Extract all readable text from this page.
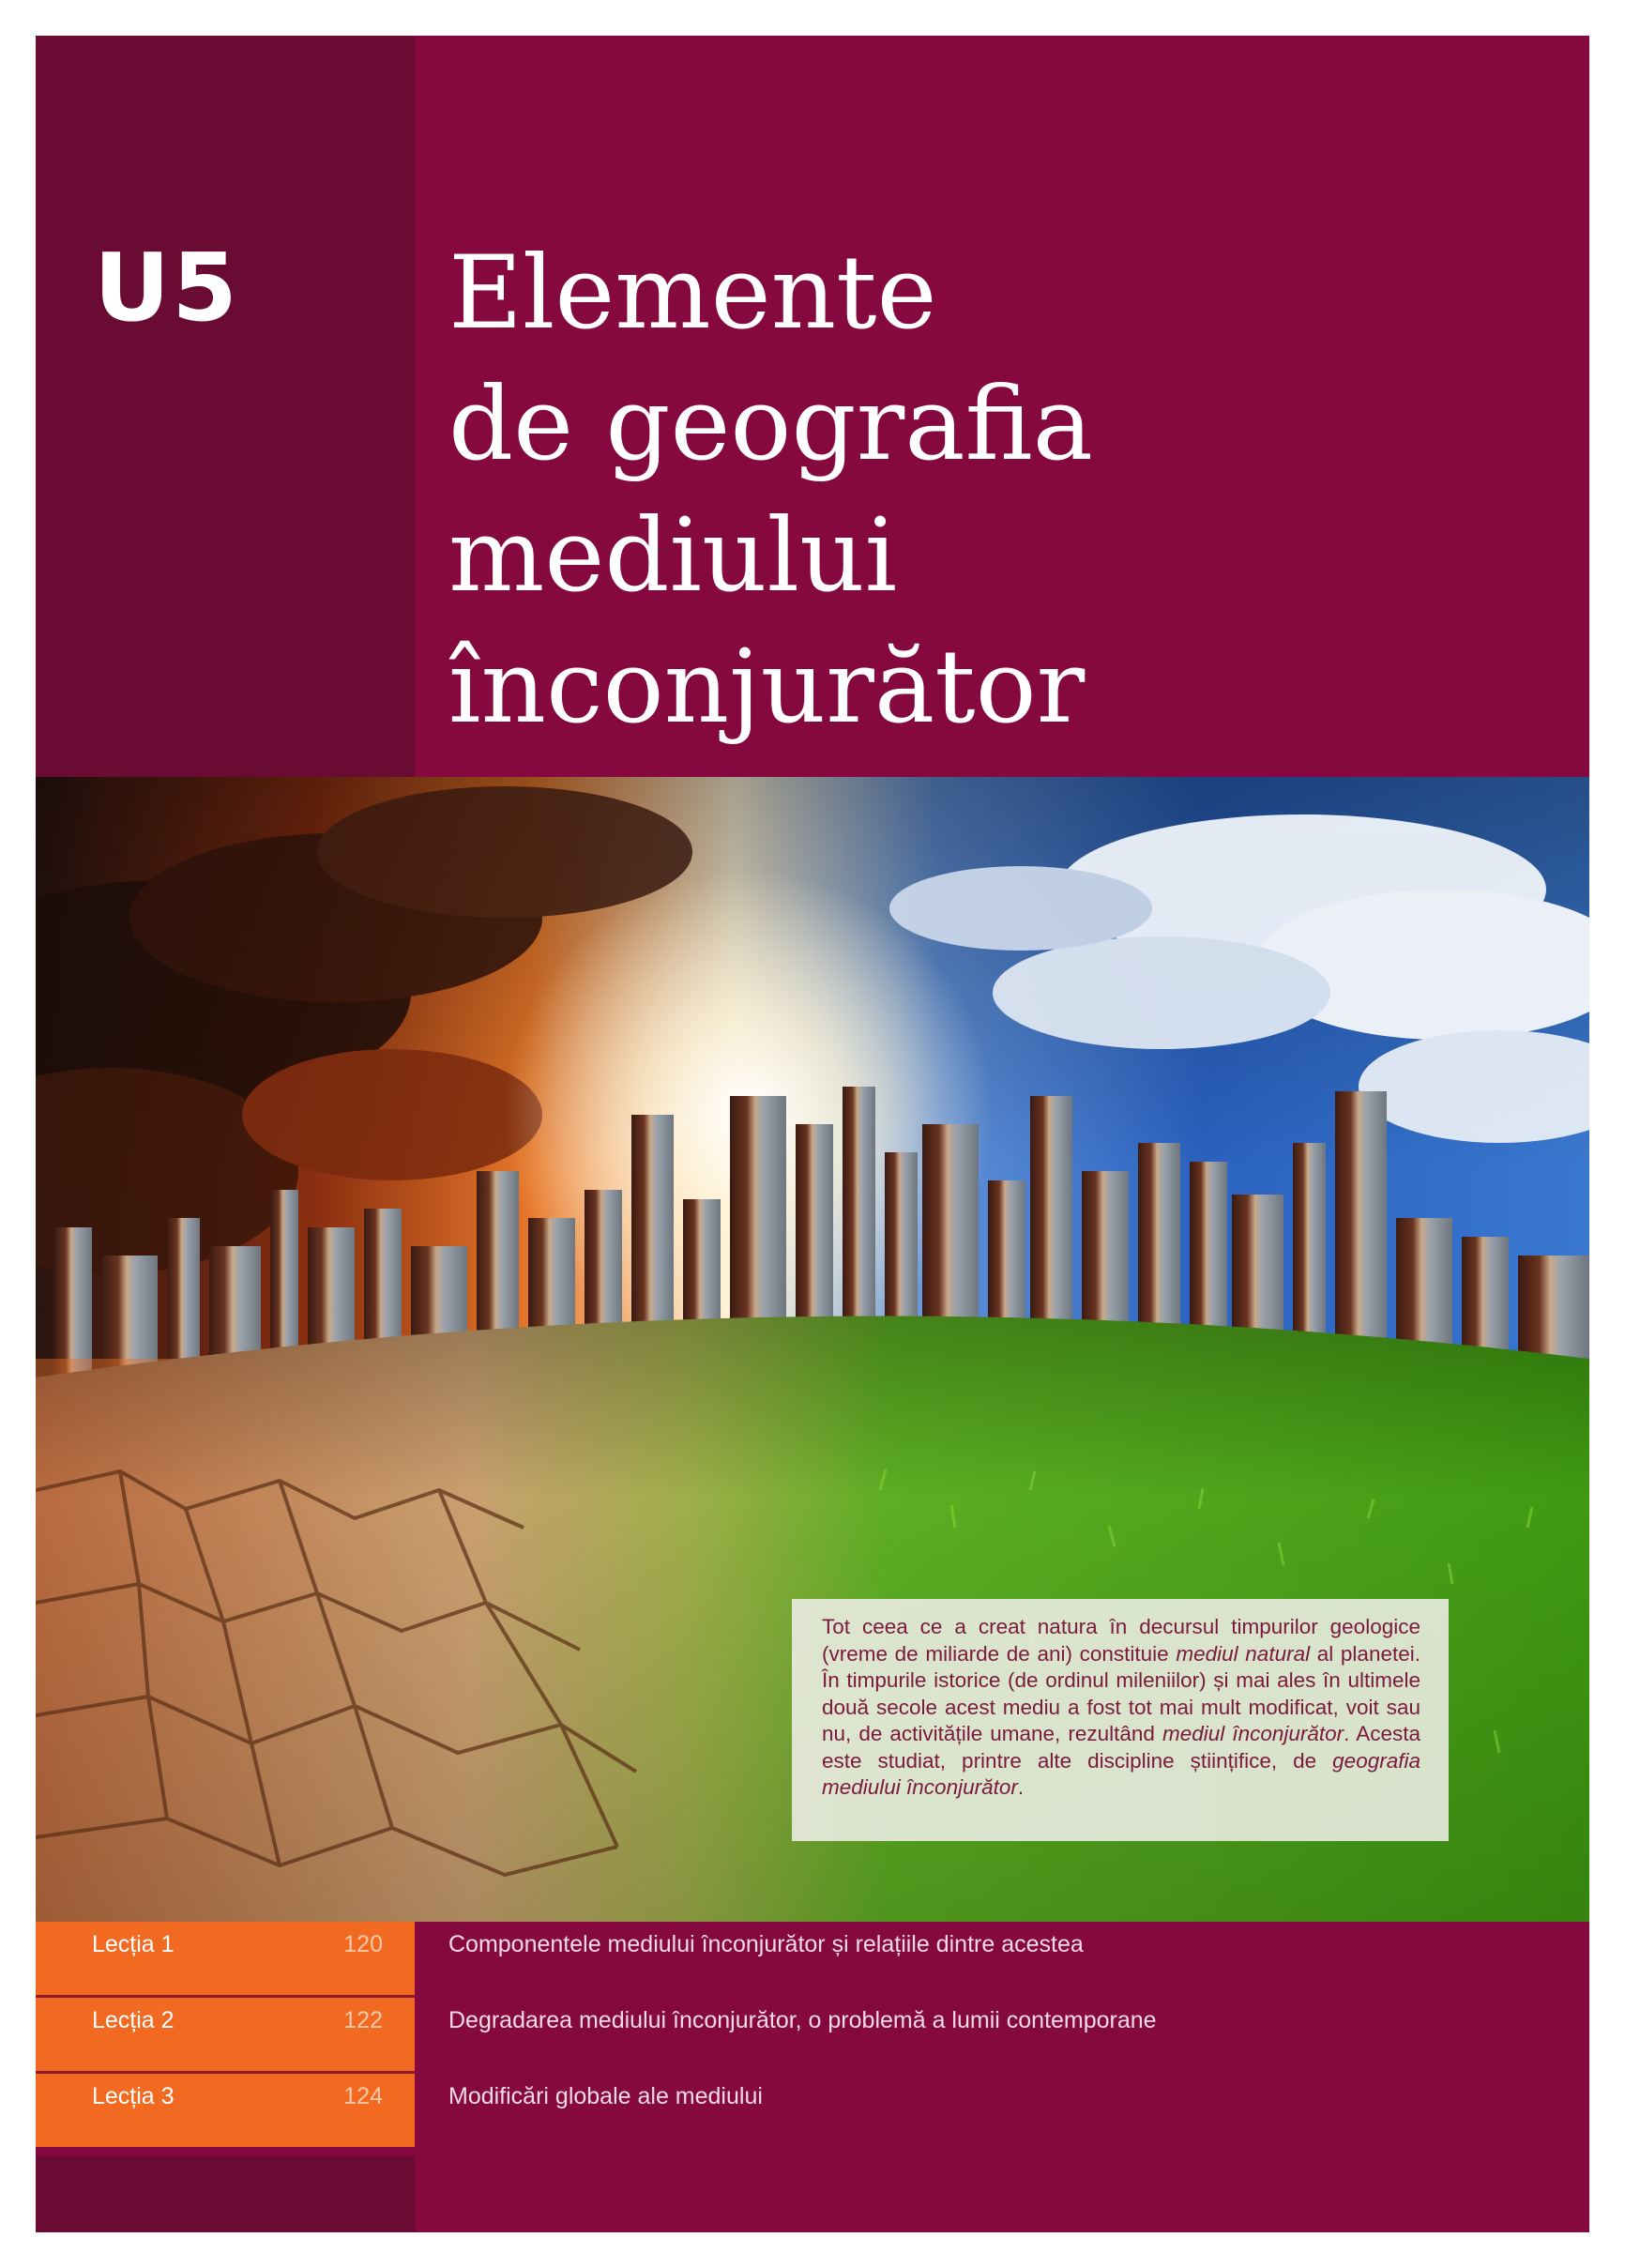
U5 Elemente
de geografia
mediului
înconjurător
Tot ceea ce a creat natura în decursul timpurilor geologice (vreme de miliarde de ani) constituie mediul natural al planetei. În timpurile istorice (de ordinul mileniilor) și mai ales în ultimele două secole acest mediu a fost tot mai mult modificat, voit sau nu, de activitățile umane, rezultând mediul înconjurător. Acesta este studiat, printre alte discipline științifice, de geografia mediului înconjurător.
Lecția 1	120	Componentele mediului înconjurător și relațiile dintre acestea
Lecția 2	122	Degradarea mediului înconjurător, o problemă a lumii contemporane
Lecția 3	124	Modificări globale ale mediului
